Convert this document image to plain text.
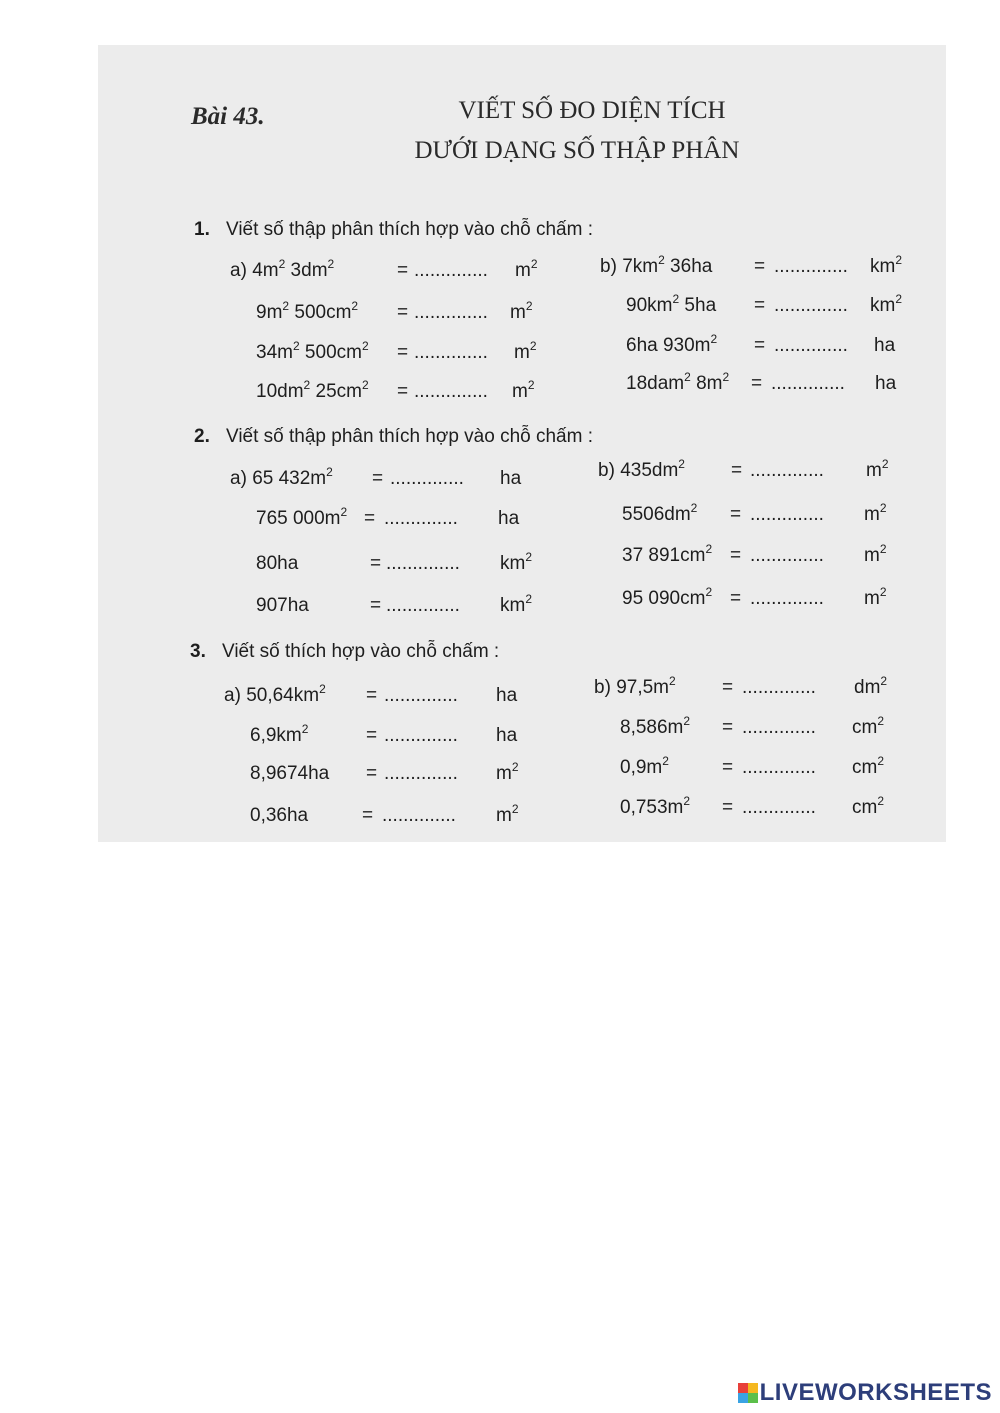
Bài 43.	VIẾT SỐ ĐO DIỆN TÍCH
DƯỚI DẠNG SỐ THẬP PHÂN
1. Viết số thập phân thích hợp vào chỗ chấm :
a) $4m^2$ $3dm^2$	= .............. $m^2$
$9m^2$ $500cm^2$ = .............. $m^2$
$34m^2$ $500cm^2$ = .............. $m^2$
$10dm^2$ $25cm^2$ = .............. $m^2$
b) $7km^2$ 36ha = .............. $km^2$
$90km^2$ 5ha = .............. $km^2$
6ha $930m^2$ = .............. ha
18dam$^2$ $8m^2$ = .............. ha
2. Viết số thập phân thích hợp vào chỗ chấm :
a) 65 $432m^2$ = .............. ha
765 $000m^2$ = .............. ha
80ha	= .............. $km^2$
907ha	= .............. $km^2$
b) $435dm^2$ = .............. $m^2$
$5506dm^2$ = .............. $m^2$
37 $891cm^2$ = .............. $m^2$
95 $090cm^2$ = .............. $m^2$
3. Viết số thích hợp vào chỗ chấm :
a) $50,64km^2$ = .............. ha
$6,9km^2$	= .............. ha
8,9674ha = .............. $m^2$
0,36ha	= .............. $m^2$
b) $97,5m^2$ = .............. $dm^2$
$8,586m^2$ = .............. $cm^2$
$0,9m^2$	= .............. $cm^2$
$0,753m^2$ = .............. $cm^2$
LIVEWORKSHEETS
